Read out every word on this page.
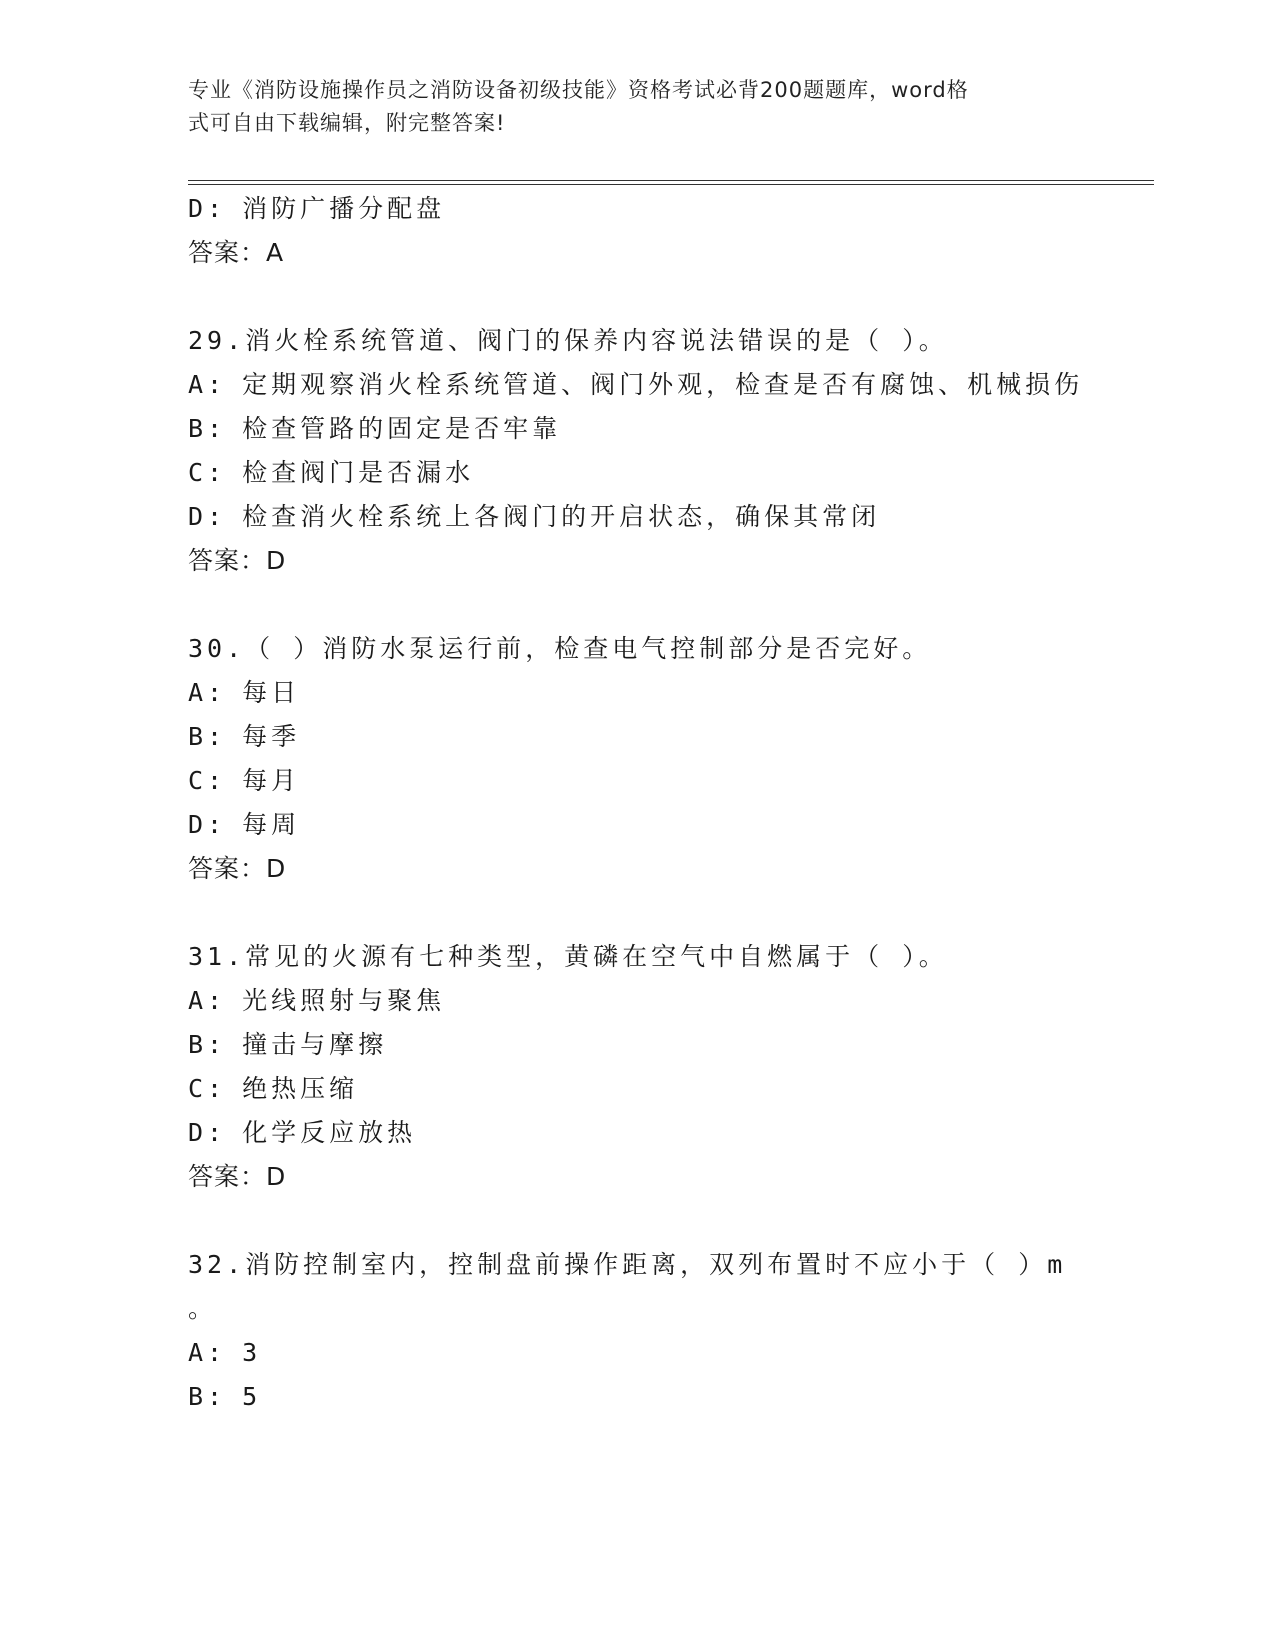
专业《消防设施操作员之消防设备初级技能》资格考试必背200题题库，word格
式可自由下载编辑，附完整答案!
D: 消防广播分配盘
答案：A
29.消火栓系统管道、阀门的保养内容说法错误的是（ ）。
A: 定期观察消火栓系统管道、阀门外观，检查是否有腐蚀、机械损伤
B: 检查管路的固定是否牢靠
C: 检查阀门是否漏水
D: 检查消火栓系统上各阀门的开启状态，确保其常闭
答案：D
30.（ ）消防水泵运行前，检查电气控制部分是否完好。
A: 每日
B: 每季
C: 每月
D: 每周
答案：D
31.常见的火源有七种类型，黄磷在空气中自燃属于（ ）。
A: 光线照射与聚焦
B: 撞击与摩擦
C: 绝热压缩
D: 化学反应放热
答案：D
32.消防控制室内，控制盘前操作距离，双列布置时不应小于（ ）m
。
A: 3
B: 5
